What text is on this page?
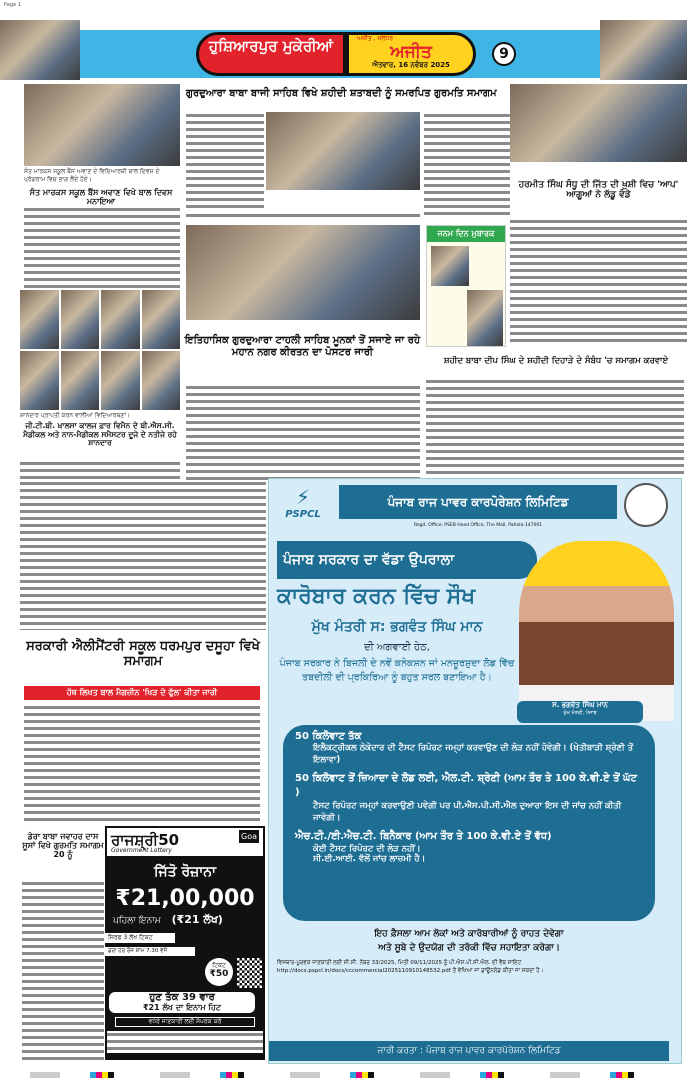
Page 1
ਹੁਸ਼ਿਆਰਪੁਰ ਮੁਕੇਰੀਆਂ	ਅਜੀਤ , ਜਲੰਧਰ
ਅਜੀਤ
ਐਤਵਾਰ, 16 ਨਵੰਬਰ 2025
9
ਸੰਤ ਮਾਰਕਸ ਸਕੂਲ ਬੈਂਸ ਅਵਾਣ ਦੇ ਵਿਦਿਆਰਥੀ ਬਾਲ ਦਿਵਸ ਦੇ ਪ੍ਰੋਗਰਾਮ ਵਿਚ ਭਾਗ ਲੈਂਦੇ ਹੋਏ।
ਸੰਤ ਮਾਰਕਸ ਸਕੂਲ ਬੈਂਸ ਅਵਾਣ ਵਿਖੇ ਬਾਲ ਦਿਵਸ ਮਨਾਇਆ
ਸ਼ਾਨਦਾਰ ਪ੍ਰਾਪਤੀ ਕਰਨ ਵਾਲੀਆਂ ਵਿਦਿਆਰਥਣਾਂ।
ਜੀ.ਟੀ.ਬੀ. ਖ਼ਾਲਸਾ ਕਾਲਜ ਫ਼ਾਰ ਵਿਮੈਨ ਦੇ ਬੀ.ਐਸ.ਸੀ. ਮੈਡੀਕਲ ਅਤੇ ਨਾਨ-ਮੈਡੀਕਲ ਸਮੈਸਟਰ ਦੂਜੇ ਦੇ ਨਤੀਜੇ ਰਹੇ ਸ਼ਾਨਦਾਰ
ਗੁਰਦੁਆਰਾ ਬਾਬਾ ਬਾਜੀ ਸਾਹਿਬ ਵਿਖੇ ਸ਼ਹੀਦੀ ਸ਼ਤਾਬਦੀ ਨੂੰ ਸਮਰਪਿਤ ਗੁਰਮਤਿ ਸਮਾਗਮ
ਇਤਿਹਾਸਿਕ ਗੁਰਦੁਆਰਾ ਟਾਹਲੀ ਸਾਹਿਬ ਮੂਨਕਾਂ ਤੋਂ ਸਜਾਏ ਜਾ ਰਹੇ ਮਹਾਨ ਨਗਰ ਕੀਰਤਨ ਦਾ ਪੋਸਟਰ ਜਾਰੀ
ਹਰਮੀਤ ਸਿੰਘ ਸੰਧੂ ਦੀ ਜਿੱਤ ਦੀ ਖ਼ੁਸ਼ੀ ਵਿਚ 'ਆਪ' ਆਗੂਆਂ ਨੇ ਲੱਡੂ ਵੰਡੇ
ਜਨਮ ਦਿਨ ਮੁਬਾਰਕ
ਸ਼ਹੀਦ ਬਾਬਾ ਦੀਪ ਸਿੰਘ ਦੇ ਸ਼ਹੀਦੀ ਦਿਹਾੜੇ ਦੇ ਸੰਬੰਧ 'ਚ ਸਮਾਗਮ ਕਰਵਾਏ
ਸਰਕਾਰੀ ਐਲੀਮੈਂਟਰੀ ਸਕੂਲ ਧਰਮਪੁਰ ਦਸੂਹਾ ਵਿਖੇ ਸਮਾਗਮ
ਹੱਥ ਲਿਖਤ ਬਾਲ ਮੈਗਜ਼ੀਨ 'ਖਿੜ ਦੇ ਫੁੱਲ' ਕੀਤਾ ਜਾਰੀ
ਡੇਰਾ ਬਾਬਾ ਜਵਾਹਰ ਦਾਸ ਸੂਸਾਂ ਵਿਖੇ ਗੁਰਮਤਿ ਸਮਾਗਮ 20 ਨੂੰ
ਰਾਜਸ਼੍ਰੀ50	Goa
Government Lottery
ਜਿੱਤੋ ਰੋਜ਼ਾਨਾ
₹21,00,000
ਪਹਿਲਾ ਇਨਾਮ (₹21 ਲੱਖ)
ਸਿਰਫ 3 ਲੱਖ ਟਿਕਟ
ਡਰਾ ਹਰ ਰੋਜ਼ ਸ਼ਾਮ 7.30 ਵਜੇ
ਟਿਕਟ
₹50
ਹੁਣ ਤੱਕ 39 ਵਾਰ
₹21 ਲੱਖ ਦਾ ਇਨਾਮ ਹਿਟ
ਵਧੇਰੇ ਜਾਣਕਾਰੀ ਲਈ ਸੰਪਰਕ ਕਰੋ
⚡
PSPCL
ਪੰਜਾਬ ਰਾਜ ਪਾਵਰ ਕਾਰਪੋਰੇਸ਼ਨ ਲਿਮਿਟਿਡ
Regd. Office: PSEB Head Office, The Mall, Patiala-147001
ਪੰਜਾਬ ਸਰਕਾਰ ਦਾ ਵੱਡਾ ਉਪਰਾਲਾ
ਕਾਰੋਬਾਰ ਕਰਨ ਵਿੱਚ ਸੌਖ
ਮੁੱਖ ਮੰਤਰੀ ਸ: ਭਗਵੰਤ ਸਿੰਘ ਮਾਨ
ਦੀ ਅਗਵਾਈ ਹੇਠ,
ਪੰਜਾਬ ਸਰਕਾਰ ਨੇ ਬਿਜਲੀ ਦੇ ਨਵੇਂ ਕਨੇਕਸ਼ਨ ਜਾਂ ਮਨਜ਼ੂਰਸ਼ੁਦਾ ਲੋਡ ਵਿੱਚ ਤਬਦੀਲੀ ਦੀ ਪ੍ਰਕਿਰਿਆ ਨੂੰ ਬਹੁਤ ਸਰਲ ਬਣਾਇਆ ਹੈ।
ਸ. ਭਗਵੰਤ ਸਿੰਘ ਮਾਨ
ਮੁੱਖ ਮੰਤਰੀ, ਪੰਜਾਬ
50 ਕਿਲੋਵਾਟ ਤੱਕ
ਇਲੈਕਟ੍ਰੀਕਲ ਠੇਕੇਦਾਰ ਦੀ ਟੈਸਟ ਰਿਪੋਰਟ ਜਮ੍ਹਾਂ ਕਰਵਾਉਣ ਦੀ ਲੋੜ ਨਹੀਂ ਹੋਵੇਗੀ। (ਖੇਤੀਬਾੜੀ ਸ਼੍ਰੇਣੀ ਤੋਂ ਇਲਾਵਾ)
50 ਕਿਲੋਵਾਟ ਤੋਂ ਜ਼ਿਆਦਾ ਦੇ ਲੋਡ ਲਈ, ਐਲ.ਟੀ. ਸ਼੍ਰੇਣੀ (ਆਮ ਤੌਰ ਤੇ 100 ਕੇ.ਵੀ.ਏ ਤੋਂ ਘੱਟ )
ਟੈਸਟ ਰਿਪੋਰਟ ਜਮ੍ਹਾਂ ਕਰਵਾਉਣੀ ਪਵੇਗੀ ਪਰ ਪੀ.ਐਸ.ਪੀ.ਸੀ.ਐਲ ਦੁਆਰਾ ਇਸ ਦੀ ਜਾਂਚ ਨਹੀਂ ਕੀਤੀ ਜਾਵੇਗੀ।
ਐਚ.ਟੀ./ਈ.ਐਚ.ਟੀ. ਬਿਨੈਕਾਰ (ਆਮ ਤੌਰ ਤੇ 100 ਕੇ.ਵੀ.ਏ ਤੋਂ ਵੱਧ)
ਕੋਈ ਟੈਸਟ ਰਿਪੋਰਟ ਦੀ ਲੋੜ ਨਹੀਂ।
ਸੀ.ਈ.ਆਈ. ਵੱਲੋਂ ਜਾਂਚ ਲਾਜ਼ਮੀ ਹੈ।
ਇਹ ਫ਼ੈਸਲਾ ਆਮ ਲੋਕਾਂ ਅਤੇ ਕਾਰੋਬਾਰੀਆਂ ਨੂੰ ਰਾਹਤ ਦੇਵੇਗਾ
ਅਤੇ ਸੂਬੇ ਦੇ ਉਦਯੋਗ ਦੀ ਤਰੱਕੀ ਵਿੱਚ ਸਹਾਇਤਾ ਕਰੇਗਾ।
ਵਿਸਥਾਰ-ਪੂਰਵਕ ਜਾਣਕਾਰੀ ਲਈ ਸੀ.ਸੀ. ਨੰਬਰ 33/2025, ਮਿਤੀ 09/11/2025 ਨੂੰ ਪੀ.ਐਸ.ਪੀ.ਸੀ.ਐਲ. ਦੀ ਵੈਬ ਸਾਇਟ http://docs.pspcl.in/docs/cccommercial2025110910148532.pdf ਤੋਂ ਵੇਖਿਆ ਜਾ ਡਾਊਨਲੋਡ ਕੀਤਾ ਜਾ ਸਕਦਾ ਹੈ।
ਜਾਰੀ ਕਰਤਾ : ਪੰਜਾਬ ਰਾਜ ਪਾਵਰ ਕਾਰਪੋਰੇਸ਼ਨ ਲਿਮਿਟਿਡ
